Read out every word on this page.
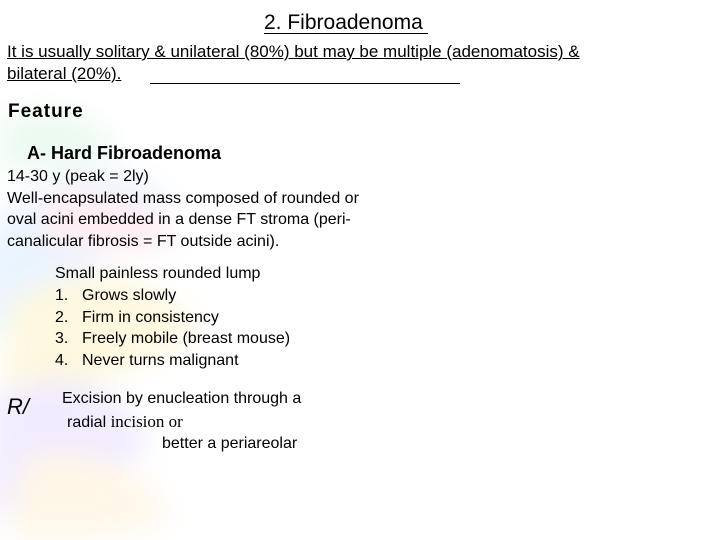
2. Fibroadenoma
It is usually solitary & unilateral (80%) but may be multiple (adenomatosis) &
bilateral (20%).
Feature
A- Hard Fibroadenoma
14-30 y (peak = 2ly)
Well-encapsulated mass composed of rounded or
oval acini embedded in a dense FT stroma (peri-
canalicular fibrosis = FT outside acini).
Small painless rounded lump
1. Grows slowly
2. Firm in consistency
3. Freely mobile (breast mouse)
4. Never turns malignant
R/ Excision by enucleation through a
radial incision or
better a periareolar
